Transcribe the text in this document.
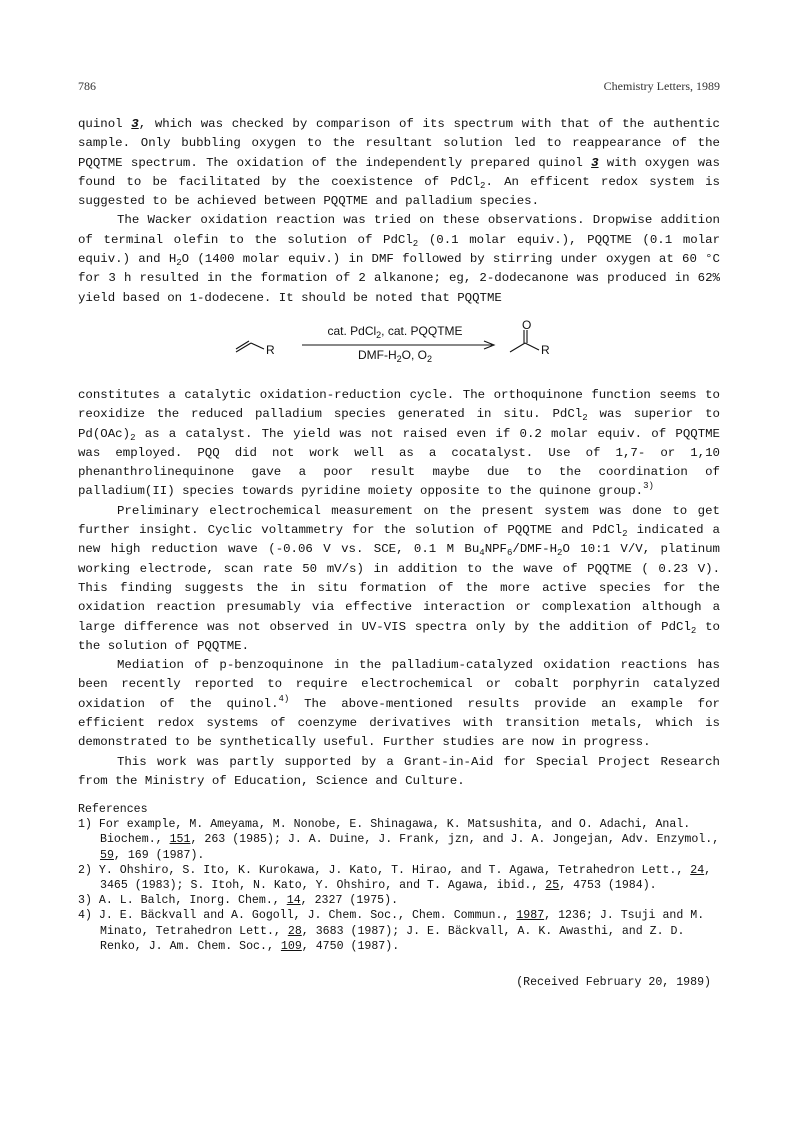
786	Chemistry Letters, 1989

quinol 3, which was checked by comparison of its spectrum with that of the authentic sample. Only bubbling oxygen to the resultant solution led to reappearance of the PQQTME spectrum. The oxidation of the independently prepared quinol 3 with oxygen was found to be facilitated by the coexistence of PdCl$_2$. An efficent redox system is suggested to be achieved between PQQTME and palladium species.

The Wacker oxidation reaction was tried on these observations. Dropwise addition of terminal olefin to the solution of PdCl$_2$ (0.1 molar equiv.), PQQTME (0.1 molar equiv.) and $H_2O$ (1400 molar equiv.) in DMF followed by stirring under oxygen at 60 °C for 3 h resulted in the formation of 2 alkanone; eg, 2-dodecanone was produced in 62% yield based on 1-dodecene. It should be noted that PQQTME

R
cat. PdCl$_2$, cat. PQQTME
DMF-$H_2O$, $O_2$
O
R

constitutes a catalytic oxidation-reduction cycle. The orthoquinone function seems to reoxidize the reduced palladium species generated in situ. PdCl$_2$ was superior to $Pd(OAc)_2$ as a catalyst. The yield was not raised even if 0.2 molar equiv. of PQQTME was employed. PQQ did not work well as a cocatalyst. Use of 1,7- or 1,10 phenanthrolinequinone gave a poor result maybe due to the coordination of palladium(II) species towards pyridine moiety opposite to the quinone group.$^{3)}$

Preliminary electrochemical measurement on the present system was done to get further insight. Cyclic voltammetry for the solution of PQQTME and PdCl$_2$ indicated a new high reduction wave (-0.06 V vs. SCE, 0.1 M $Bu_4NPF_6/DMF-H_2O$ 10:1 V/V, platinum working electrode, scan rate 50 mV/s) in addition to the wave of PQQTME ( 0.23 V). This finding suggests the in situ formation of the more active species for the oxidation reaction presumably via effective interaction or complexation although a large difference was not observed in UV-VIS spectra only by the addition of PdCl$_2$ to the solution of PQQTME.

Mediation of p-benzoquinone in the palladium-catalyzed oxidation reactions has been recently reported to require electrochemical or cobalt porphyrin catalyzed oxidation of the quinol.$^{4)}$ The above-mentioned results provide an example for efficient redox systems of coenzyme derivatives with transition metals, which is demonstrated to be synthetically useful. Further studies are now in progress.

This work was partly supported by a Grant-in-Aid for Special Project Research from the Ministry of Education, Science and Culture.

References

1) For example, M. Ameyama, M. Nonobe, E. Shinagawa, K. Matsushita, and O. Adachi, Anal. Biochem., 151, 263 (1985); J. A. Duine, J. Frank, jzn, and J. A. Jongejan, Adv. Enzymol., 59, 169 (1987).

2) Y. Ohshiro, S. Ito, K. Kurokawa, J. Kato, T. Hirao, and T. Agawa, Tetrahedron Lett., 24, 3465 (1983); S. Itoh, N. Kato, Y. Ohshiro, and T. Agawa, ibid., 25, 4753 (1984).

3) A. L. Balch, Inorg. Chem., 14, 2327 (1975).

4) J. E. Bäckvall and A. Gogoll, J. Chem. Soc., Chem. Commun., 1987, 1236; J. Tsuji and M. Minato, Tetrahedron Lett., 28, 3683 (1987); J. E. Bäckvall, A. K. Awasthi, and Z. D. Renko, J. Am. Chem. Soc., 109, 4750 (1987).

(Received February 20, 1989)
